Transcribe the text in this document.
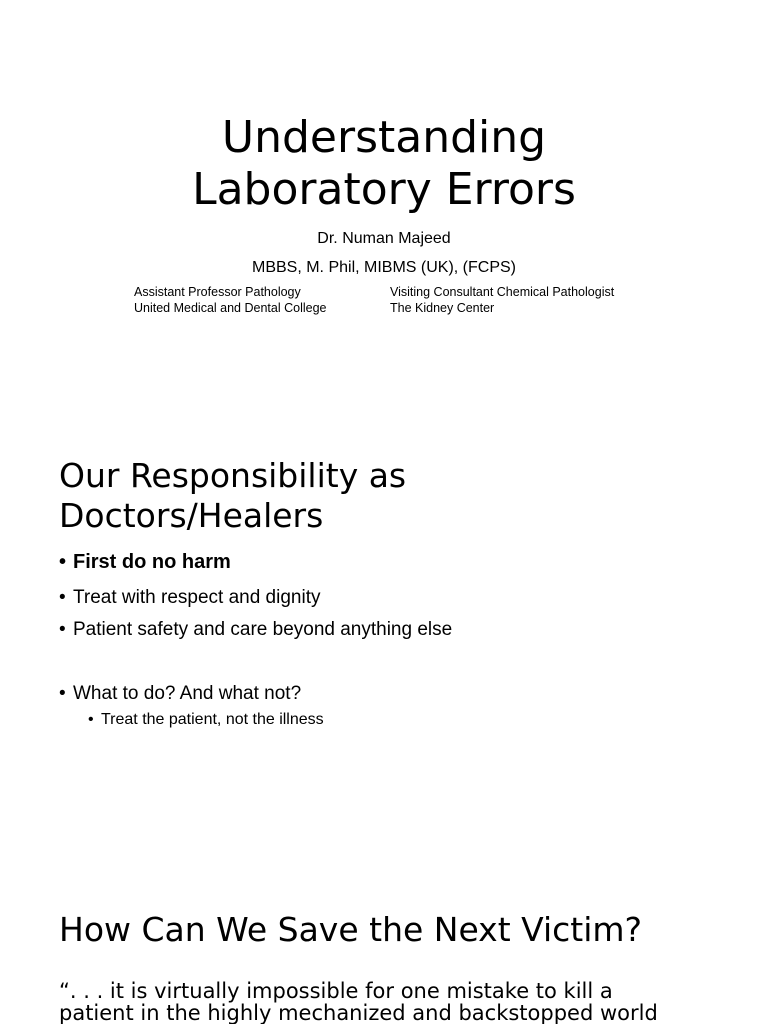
Understanding
Laboratory Errors
Dr. Numan Majeed
MBBS, M. Phil, MIBMS (UK), (FCPS)
Assistant Professor Pathology
United Medical and Dental College
Visiting Consultant Chemical Pathologist
The Kidney Center
Our Responsibility as
Doctors/Healers
• First do no harm
• Treat with respect and dignity
• Patient safety and care beyond anything else
• What to do? And what not?
• Treat the patient, not the illness
How Can We Save the Next Victim?
“. . . it is virtually impossible for one mistake to kill a
patient in the highly mechanized and backstopped world
